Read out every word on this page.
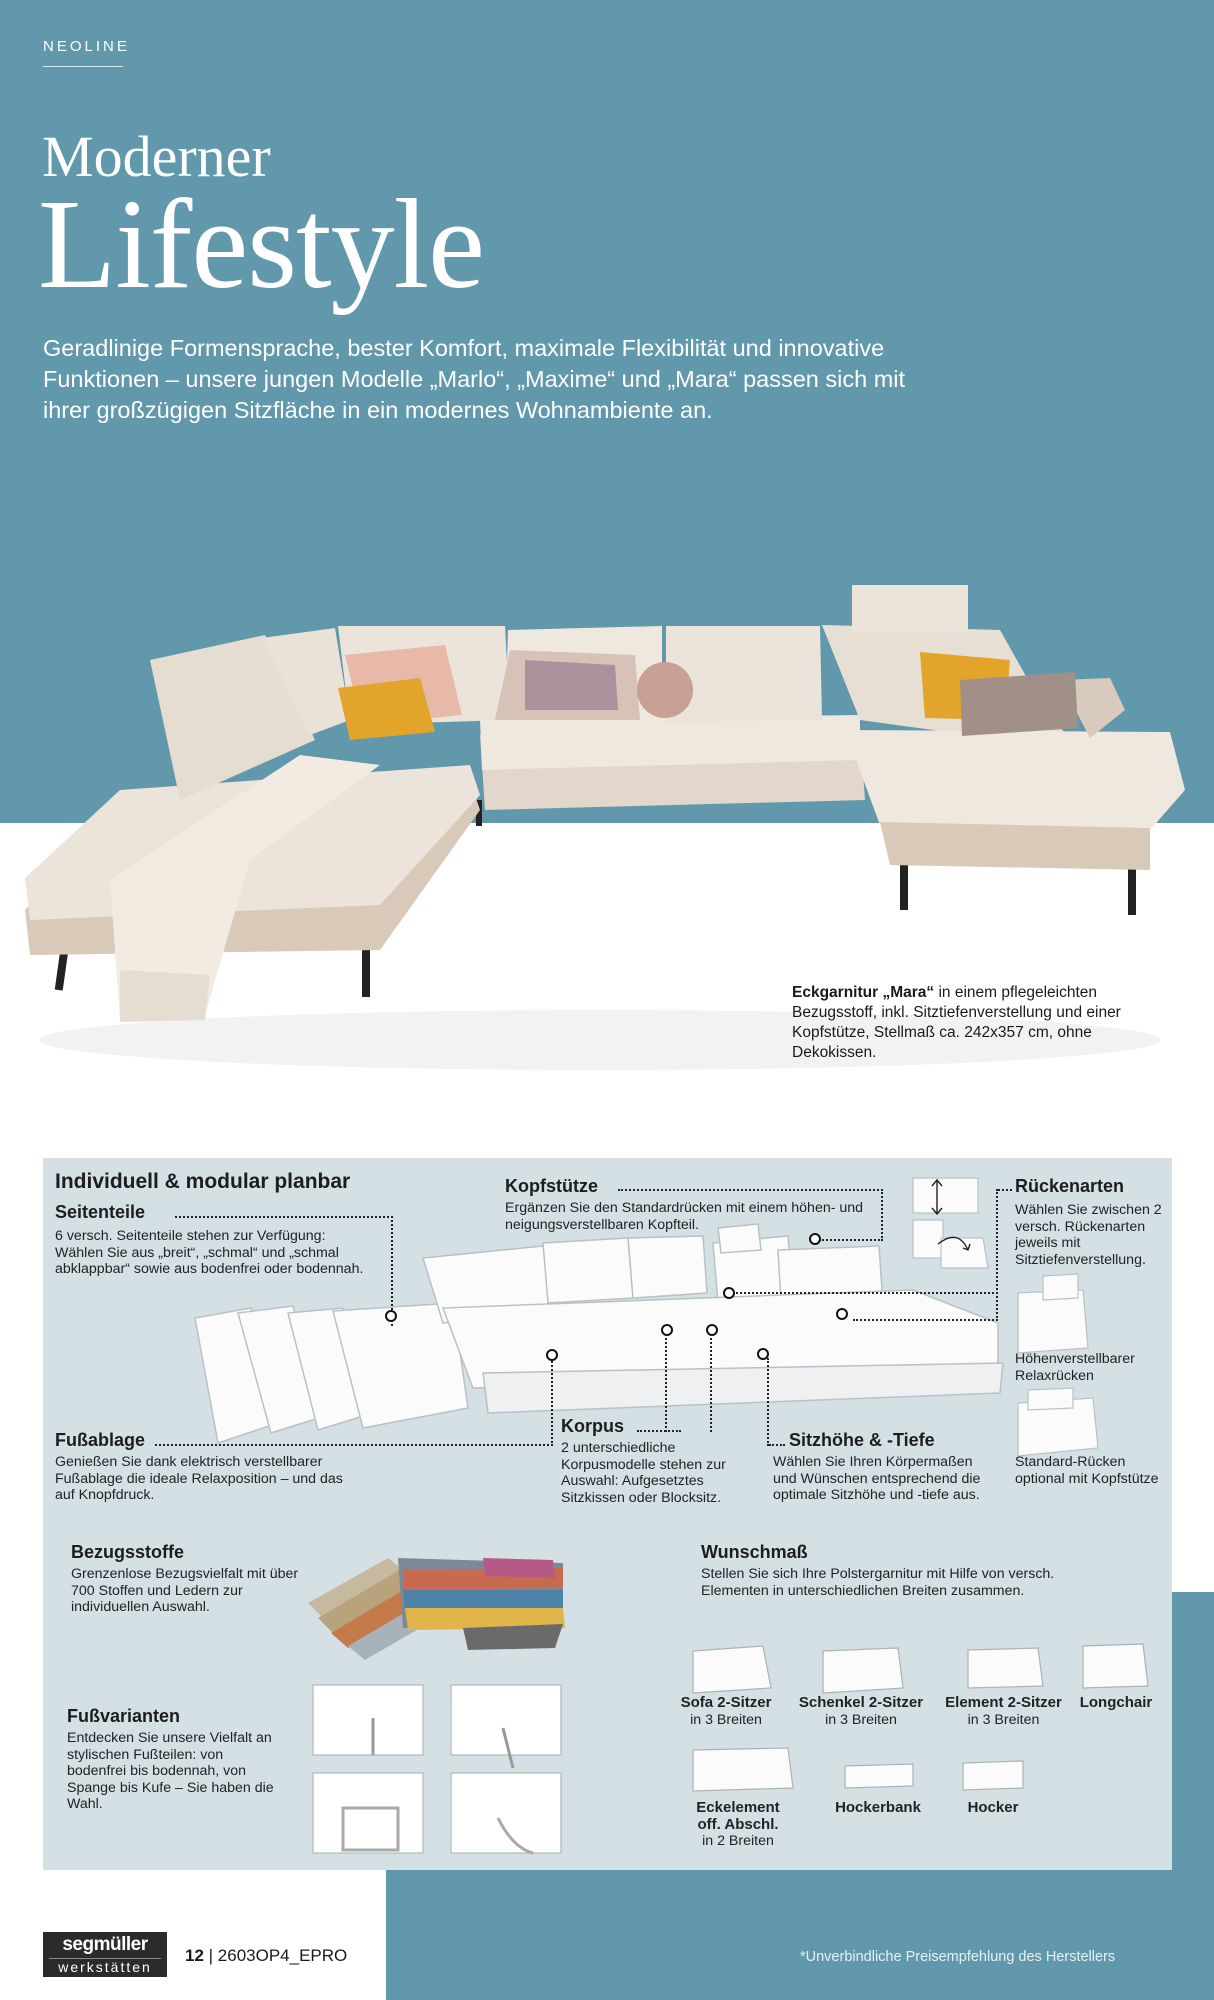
NEOLINE
Moderner
Lifestyle

Geradlinige Formensprache, bester Komfort, maximale Flexibilität und innovative Funktionen – unsere jungen Modelle „Marlo“, „Maxime“ und „Mara“ passen sich mit ihrer großzügigen Sitzfläche in ein modernes Wohnambiente an.

Eckgarnitur „Mara“ in einem pflegeleichten Bezugsstoff, inkl. Sitztiefenverstellung und einer Kopfstütze, Stellmaß ca. 242x357 cm, ohne Dekokissen.

Individuell & modular planbar
Seitenteile
6 versch. Seitenteile stehen zur Verfügung: Wählen Sie aus „breit“, „schmal“ und „schmal abklappbar“ sowie aus bodenfrei oder bodennah.
Kopfstütze
Ergänzen Sie den Standardrücken mit einem höhen- und neigungsverstellbaren Kopfteil.
Rückenarten
Wählen Sie zwischen 2 versch. Rückenarten jeweils mit Sitztiefenverstellung.
Höhenverstellbarer Relaxrücken
Standard-Rücken optional mit Kopfstütze
Fußablage
Genießen Sie dank elektrisch verstellbarer Fußablage die ideale Relaxposition – und das auf Knopfdruck.
Korpus
2 unterschiedliche Korpusmodelle stehen zur Auswahl: Aufgesetztes Sitzkissen oder Blocksitz.
Sitzhöhe & -Tiefe
Wählen Sie Ihren Körpermaßen und Wünschen entsprechend die optimale Sitzhöhe und -tiefe aus.
Bezugsstoffe
Grenzenlose Bezugsvielfalt mit über 700 Stoffen und Ledern zur individuellen Auswahl.
Fußvarianten
Entdecken Sie unsere Vielfalt an stylischen Fußteilen: von bodenfrei bis bodennah, von Spange bis Kufe – Sie haben die Wahl.
Wunschmaß
Stellen Sie sich Ihre Polstergarnitur mit Hilfe von versch. Elementen in unterschiedlichen Breiten zusammen.
Sofa 2-Sitzer
in 3 Breiten
Schenkel 2-Sitzer
in 3 Breiten
Element 2-Sitzer
in 3 Breiten
Longchair
Eckelement off. Abschl.
in 2 Breiten
Hockerbank	Hocker
segmüller
werkstätten
12 | 2603OP4_EPRO	*Unverbindliche Preisempfehlung des Herstellers
